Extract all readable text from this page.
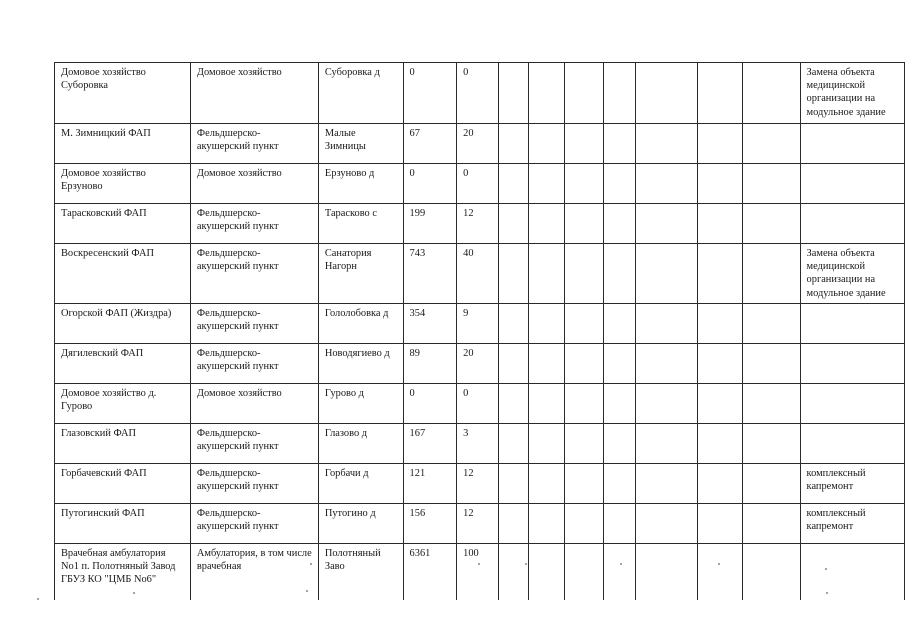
Домовое хозяйство Суборовка	Домовое хозяйство	Суборовка д	0	0								Замена объекта медицинской организации на модульное здание
М. Зимницкий ФАП	Фельдшерско-акушерский пункт	Малые Зимницы	67	20								
Домовое хозяйство Ерзуново	Домовое хозяйство	Ерзуново д	0	0								
Тарасковский ФАП	Фельдшерско-акушерский пункт	Тарасково с	199	12								
Воскресенский ФАП	Фельдшерско-акушерский пункт	Санатория Нагорн	743	40								Замена объекта медицинской организации на модульное здание
Огорской ФАП (Жиздра)	Фельдшерско-акушерский пункт	Гололобовка д	354	9								
Дягилевский ФАП	Фельдшерско-акушерский пункт	Новодягиево д	89	20								
Домовое хозяйство д. Гурово	Домовое хозяйство	Гурово д	0	0								
Глазовский ФАП	Фельдшерско-акушерский пункт	Глазово д	167	3								
Горбачевский ФАП	Фельдшерско-акушерский пункт	Горбачи д	121	12								комплексный капремонт
Путогинский ФАП	Фельдшерско-акушерский пункт	Путогино д	156	12								комплексный капремонт
Врачебная амбулатория No1 п. Полотняный Завод ГБУЗ КО "ЦМБ No6"	Амбулатория, в том числе врачебная	Полотняный Заво	6361	100								
